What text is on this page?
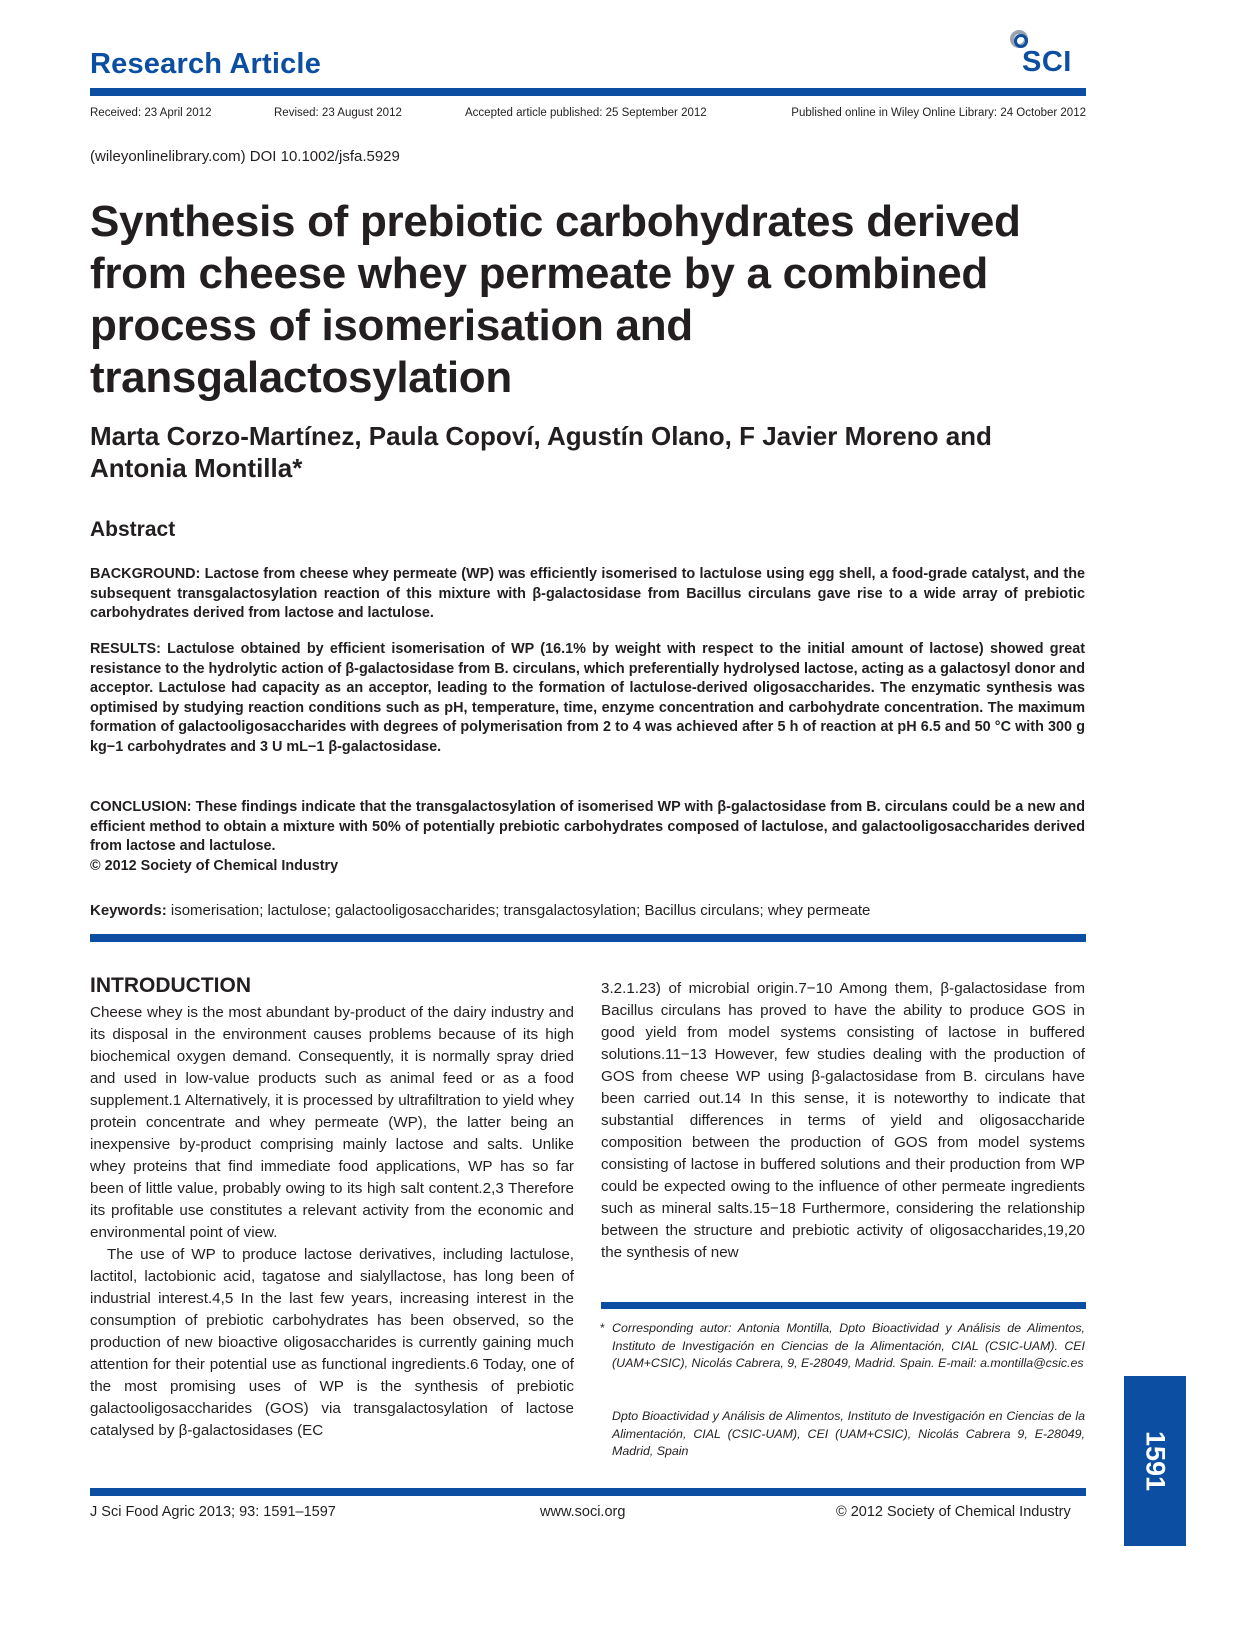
Research Article	SCI
Received: 23 April 2012	Revised: 23 August 2012	Accepted article published: 25 September 2012	Published online in Wiley Online Library: 24 October 2012
(wileyonlinelibrary.com) DOI 10.1002/jsfa.5929
Synthesis of prebiotic carbohydrates derived from cheese whey permeate by a combined process of isomerisation and transgalactosylation
Marta Corzo-Martínez, Paula Copoví, Agustín Olano, F Javier Moreno and Antonia Montilla*
Abstract
BACKGROUND: Lactose from cheese whey permeate (WP) was efficiently isomerised to lactulose using egg shell, a food-grade catalyst, and the subsequent transgalactosylation reaction of this mixture with β-galactosidase from Bacillus circulans gave rise to a wide array of prebiotic carbohydrates derived from lactose and lactulose.
RESULTS: Lactulose obtained by efficient isomerisation of WP (16.1% by weight with respect to the initial amount of lactose) showed great resistance to the hydrolytic action of β-galactosidase from B. circulans, which preferentially hydrolysed lactose, acting as a galactosyl donor and acceptor. Lactulose had capacity as an acceptor, leading to the formation of lactulose-derived oligosaccharides. The enzymatic synthesis was optimised by studying reaction conditions such as pH, temperature, time, enzyme concentration and carbohydrate concentration. The maximum formation of galactooligosaccharides with degrees of polymerisation from 2 to 4 was achieved after 5 h of reaction at pH 6.5 and 50 °C with 300 g kg−1 carbohydrates and 3 U mL−1 β-galactosidase.
CONCLUSION: These findings indicate that the transgalactosylation of isomerised WP with β-galactosidase from B. circulans could be a new and efficient method to obtain a mixture with 50% of potentially prebiotic carbohydrates composed of lactulose, and galactooligosaccharides derived from lactose and lactulose.
© 2012 Society of Chemical Industry
Keywords: isomerisation; lactulose; galactooligosaccharides; transgalactosylation; Bacillus circulans; whey permeate
INTRODUCTION

Cheese whey is the most abundant by-product of the dairy industry and its disposal in the environment causes problems because of its high biochemical oxygen demand. Consequently, it is normally spray dried and used in low-value products such as animal feed or as a food supplement.1 Alternatively, it is processed by ultrafiltration to yield whey protein concentrate and whey permeate (WP), the latter being an inexpensive by-product comprising mainly lactose and salts. Unlike whey proteins that find immediate food applications, WP has so far been of little value, probably owing to its high salt content.2,3 Therefore its profitable use constitutes a relevant activity from the economic and environmental point of view.

The use of WP to produce lactose derivatives, including lactulose, lactitol, lactobionic acid, tagatose and sialyllactose, has long been of industrial interest.4,5 In the last few years, increasing interest in the consumption of prebiotic carbohydrates has been observed, so the production of new bioactive oligosaccharides is currently gaining much attention for their potential use as functional ingredients.6 Today, one of the most promising uses of WP is the synthesis of prebiotic galactooligosaccharides (GOS) via transgalactosylation of lactose catalysed by β-galactosidases (EC

3.2.1.23) of microbial origin.7−10 Among them, β-galactosidase from Bacillus circulans has proved to have the ability to produce GOS in good yield from model systems consisting of lactose in buffered solutions.11−13 However, few studies dealing with the production of GOS from cheese WP using β-galactosidase from B. circulans have been carried out.14 In this sense, it is noteworthy to indicate that substantial differences in terms of yield and oligosaccharide composition between the production of GOS from model systems consisting of lactose in buffered solutions and their production from WP could be expected owing to the influence of other permeate ingredients such as mineral salts.15−18 Furthermore, considering the relationship between the structure and prebiotic activity of oligosaccharides,19,20 the synthesis of new

* Corresponding autor: Antonia Montilla, Dpto Bioactividad y Análisis de Alimentos, Instituto de Investigación en Ciencias de la Alimentación, CIAL (CSIC-UAM). CEI (UAM+CSIC), Nicolás Cabrera, 9, E-28049, Madrid. Spain. E-mail: a.montilla@csic.es
Dpto Bioactividad y Análisis de Alimentos, Instituto de Investigación en Ciencias de la Alimentación, CIAL (CSIC-UAM), CEI (UAM+CSIC), Nicolás Cabrera 9, E-28049, Madrid, Spain
J Sci Food Agric 2013; 93: 1591–1597	www.soci.org	© 2012 Society of Chemical Industry
1591
